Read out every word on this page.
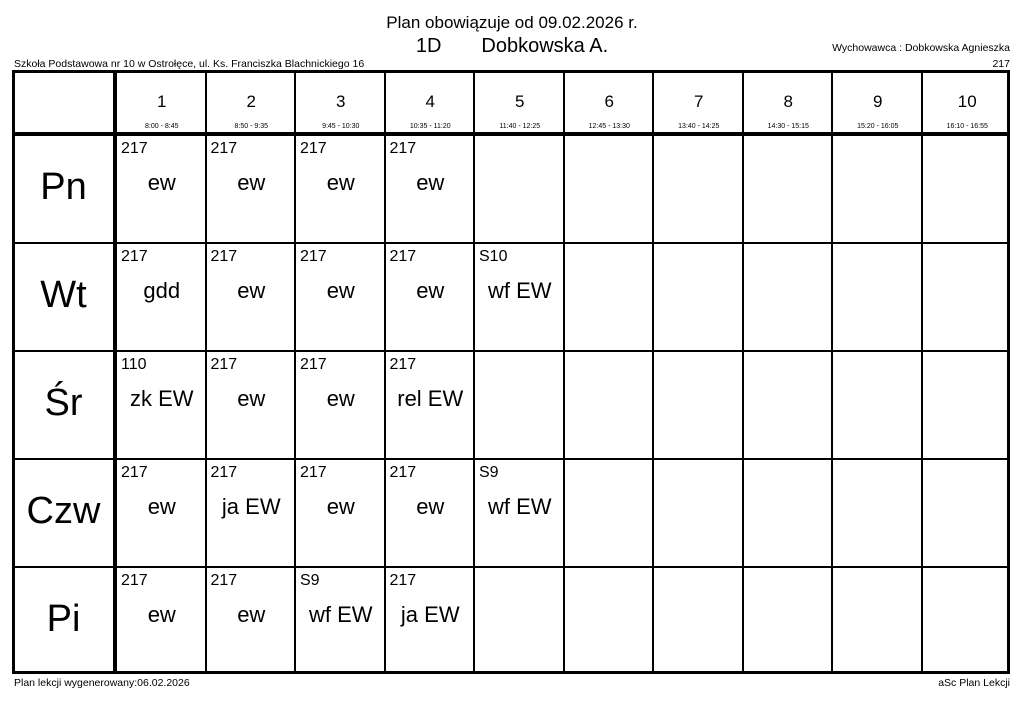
Plan obowiązuje od 09.02.2026 r.
1D Dobkowska A.
Szkoła Podstawowa nr 10 w Ostrołęce, ul. Ks. Franciszka Blachnickiego 16
Wychowawca : Dobkowska Agnieszka
217
1
8:00 - 8:45
2
8:50 - 9:35
3
9:45 - 10:30
4
10:35 - 11:20
5
11:40 - 12:25
6
12:45 - 13:30
7
13:40 - 14:25
8
14:30 - 15:15
9
15:20 - 16:05
10
16:10 - 16:55
Pn
217
ew
217
ew
217
ew
217
ew
Wt
217
gdd
217
ew
217
ew
217
ew
S10
wf EW
Śr
110
zk EW
217
ew
217
ew
217
rel EW
Czw
217
ew
217
ja EW
217
ew
217
ew
S9
wf EW
Pi
217
ew
217
ew
S9
wf EW
217
ja EW
Plan lekcji wygenerowany:06.02.2026	aSc Plan Lekcji
